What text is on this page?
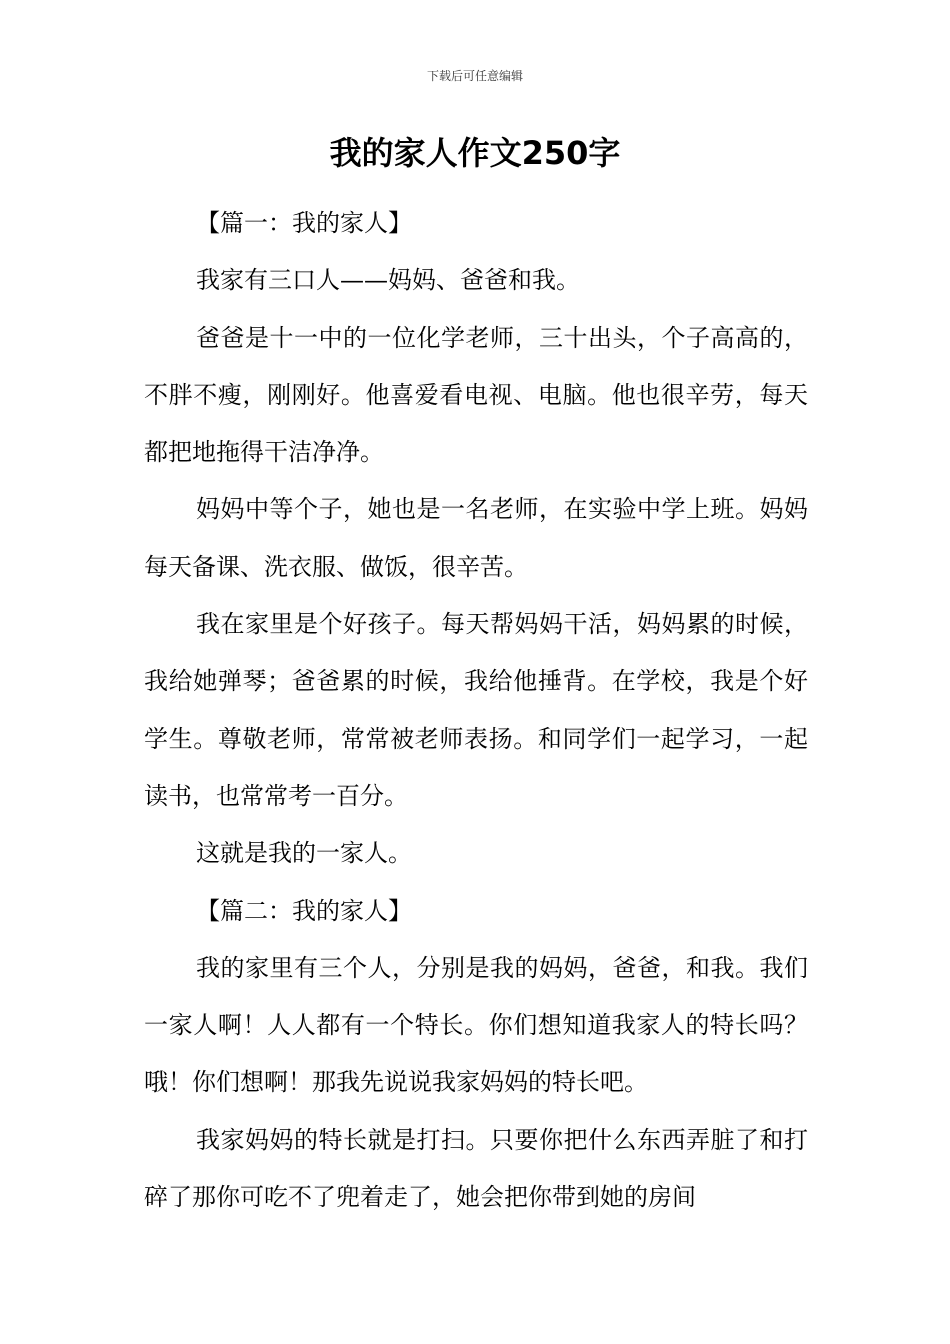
下载后可任意编辑
我的家人作文250字

【篇一：我的家人】

我家有三口人——妈妈、爸爸和我。

爸爸是十一中的一位化学老师，三十出头，个子高高的，不胖不瘦，刚刚好。他喜爱看电视、电脑。他也很辛劳，每天都把地拖得干洁净净。

妈妈中等个子，她也是一名老师，在实验中学上班。妈妈每天备课、洗衣服、做饭，很辛苦。

我在家里是个好孩子。每天帮妈妈干活，妈妈累的时候，我给她弹琴；爸爸累的时候，我给他捶背。在学校，我是个好学生。尊敬老师，常常被老师表扬。和同学们一起学习，一起读书，也常常考一百分。

这就是我的一家人。

【篇二：我的家人】

我的家里有三个人，分别是我的妈妈，爸爸，和我。我们一家人啊！人人都有一个特长。你们想知道我家人的特长吗？哦！你们想啊！那我先说说我家妈妈的特长吧。

我家妈妈的特长就是打扫。只要你把什么东西弄脏了和打碎了那你可吃不了兜着走了，她会把你带到她的房间
